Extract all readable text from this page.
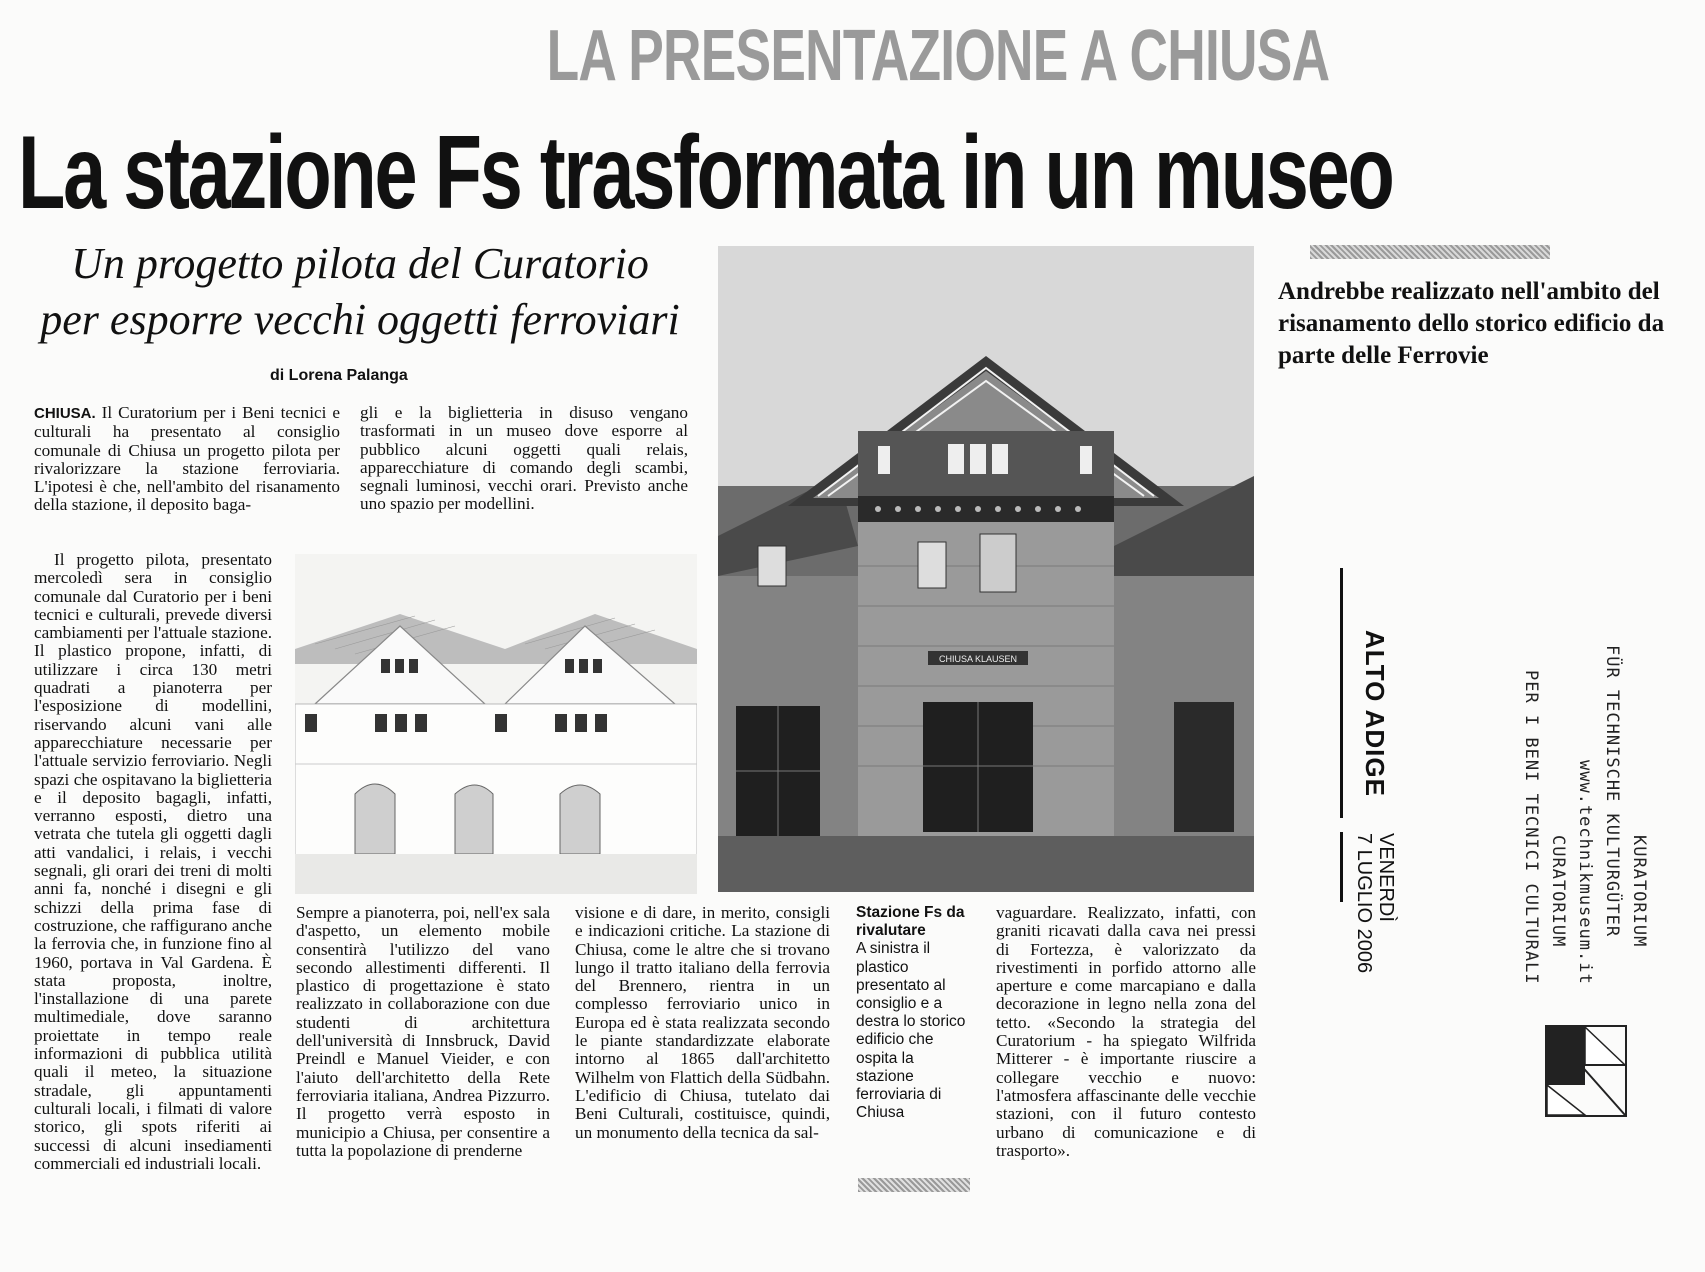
LA PRESENTAZIONE A CHIUSA
La stazione Fs trasformata in un museo
Un progetto pilota del Curatorio
per esporre vecchi oggetti ferroviari
di Lorena Palanga
Andrebbe realizzato nell'ambito del risanamento dello storico edificio da parte delle Ferrovie
CHIUSA. Il Curatorium per i Beni tecnici e culturali ha presentato al consiglio comunale di Chiusa un progetto pilota per rivalorizzare la stazione ferroviaria. L'ipotesi è che, nell'ambito del risanamento della stazione, il deposito baga-
gli e la biglietteria in disuso vengano trasformati in un museo dove esporre al pubblico alcuni oggetti quali relais, apparecchiature di comando degli scambi, segnali luminosi, vecchi orari. Previsto anche uno spazio per modellini.
Il progetto pilota, presentato mercoledì sera in consiglio comunale dal Curatorio per i beni tecnici e culturali, prevede diversi cambiamenti per l'attuale stazione. Il plastico propone, infatti, di utilizzare i circa 130 metri quadrati a pianoterra per l'esposizione di modellini, riservando alcuni vani alle apparecchiature necessarie per l'attuale servizio ferroviario. Negli spazi che ospitavano la biglietteria e il deposito bagagli, infatti, verranno esposti, dietro una vetrata che tutela gli oggetti dagli atti vandalici, i relais, i vecchi segnali, gli orari dei treni di molti anni fa, nonché i disegni e gli schizzi della prima fase di costruzione, che raffigurano anche la ferrovia che, in funzione fino al 1960, portava in Val Gardena. È stata proposta, inoltre, l'installazione di una parete multimediale, dove saranno proiettate in tempo reale informazioni di pubblica utilità quali il meteo, la situazione stradale, gli appuntamenti culturali locali, i filmati di valore storico, gli spots riferiti ai successi di alcuni insediamenti commerciali ed industriali locali.
CHIUSA KLAUSEN
Sempre a pianoterra, poi, nell'ex sala d'aspetto, un elemento mobile consentirà l'utilizzo del vano secondo allestimenti differenti. Il plastico di progettazione è stato realizzato in collaborazione con due studenti di architettura dell'università di Innsbruck, David Preindl e Manuel Vieider, e con l'aiuto dell'architetto della Rete ferroviaria italiana, Andrea Pizzurro. Il progetto verrà esposto in municipio a Chiusa, per consentire a tutta la popolazione di prenderne
visione e di dare, in merito, consigli e indicazioni critiche. La stazione di Chiusa, come le altre che si trovano lungo il tratto italiano della ferrovia del Brennero, rientra in un complesso ferroviario unico in Europa ed è stata realizzata secondo le piante standardizzate elaborate intorno al 1865 dall'architetto Wilhelm von Flattich della Südbahn. L'edificio di Chiusa, tutelato dai Beni Culturali, costituisce, quindi, un monumento della tecnica da sal-
Stazione Fs da rivalutare
A sinistra il plastico presentato al consiglio e a destra lo storico edificio che ospita la stazione ferroviaria di Chiusa
vaguardare. Realizzato, infatti, con graniti ricavati dalla cava nei pressi di Fortezza, è valorizzato da rivestimenti in porfido attorno alle aperture e come marcapiano e dalla decorazione in legno nella zona del tetto. «Secondo la strategia del Curatorium - ha spiegato Wilfrida Mitterer - è importante riuscire a collegare vecchio e nuovo: l'atmosfera affascinante delle vecchie stazioni, con il futuro contesto urbano di comunicazione e di trasporto».
ALTO ADIGE
VENERDÌ
7 LUGLIO 2006	KURATORIUM
FÜR TECHNISCHE KULTURGÜTER
www.technikmuseum.it
CURATORIUM
PER I BENI TECNICI CULTURALI
